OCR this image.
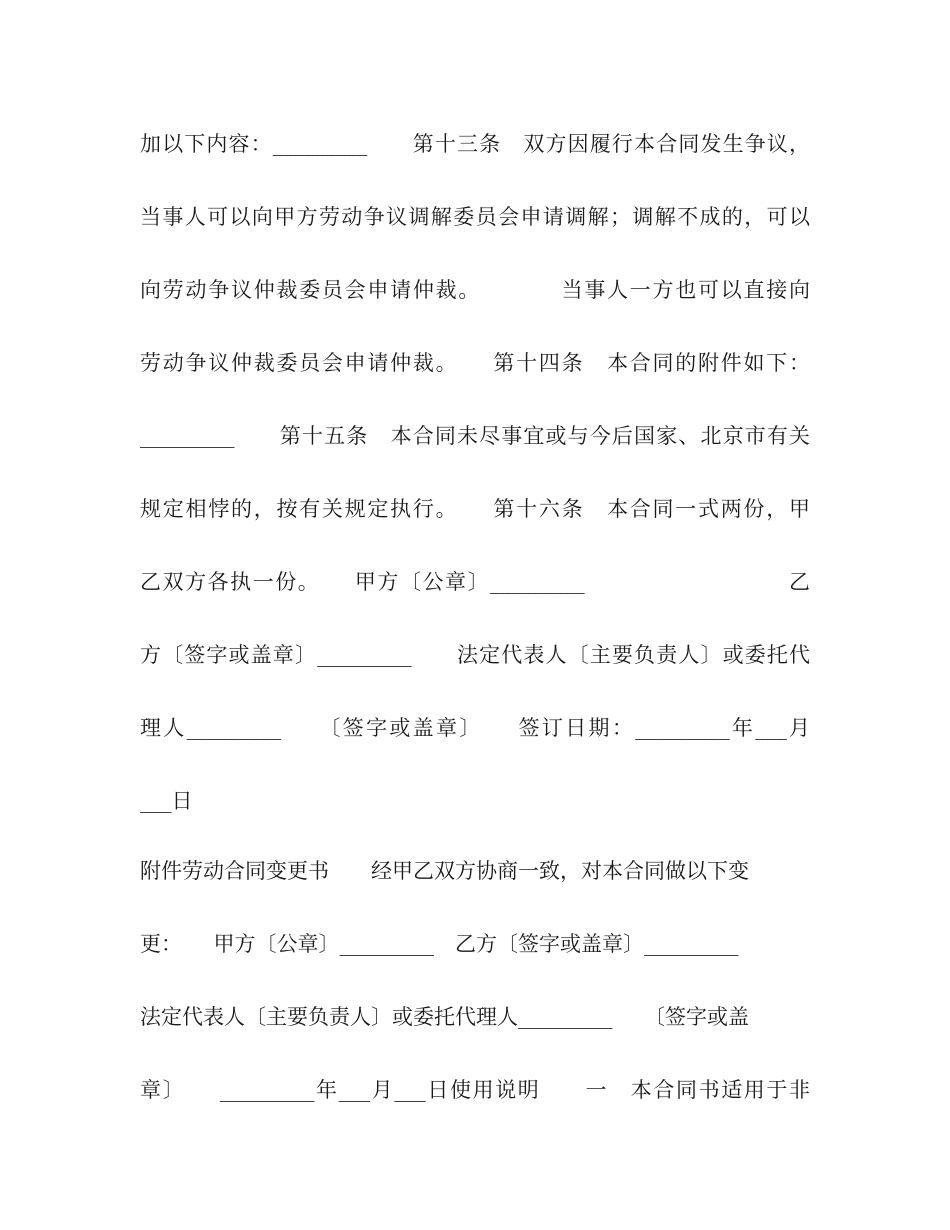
加以下内容：_________　　第十三条　双方因履行本合同发生争议，
当事人可以向甲方劳动争议调解委员会申请调解；调解不成的，可以
向劳动争议仲裁委员会申请仲裁。　　　　当事人一方也可以直接向
劳动争议仲裁委员会申请仲裁。　　第十四条　本合同的附件如下：
_________　　第十五条　本合同未尽事宜或与今后国家、北京市有关
规定相悖的，按有关规定执行。　　第十六条　本合同一式两份，甲
乙双方各执一份。　　甲方〔公章〕_________　　　　　　　　　乙
方〔签字或盖章〕_________　　法定代表人〔主要负责人〕或委托代
理人_________　　〔签字或盖章〕　　签订日期：_________年___月
___日
附件劳动合同变更书　　经甲乙双方协商一致，对本合同做以下变
更：　　甲方〔公章〕_________　乙方〔签字或盖章〕_________
法定代表人〔主要负责人〕或委托代理人_________　　〔签字或盖
章〕　　_________年___月___日使用说明　　一　本合同书适用于非
